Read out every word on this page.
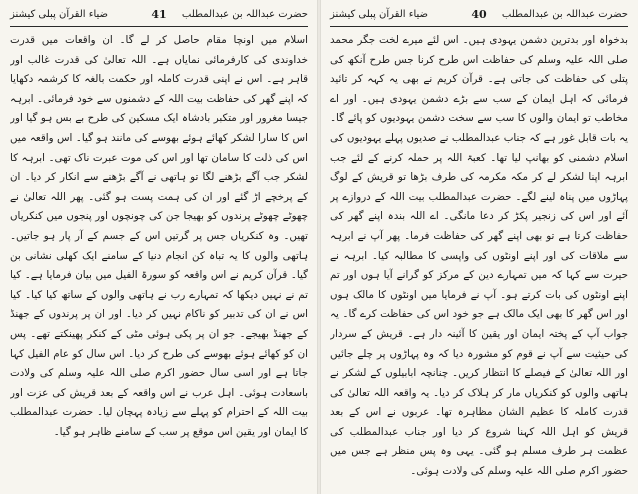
حضرت عبداللہ بن عبدالمطلب
41
ضیاء القرآن پبلی کیشنز

اسلام میں اونچا مقام حاصل کر لے گا۔ ان واقعات میں قدرت خداوندی کی کارفرمائی نمایاں ہے۔ اللہ تعالیٰ کی قدرت غالب اور قاہر ہے۔ اس نے اپنی قدرت کاملہ اور حکمت بالغہ کا کرشمہ دکھایا کہ اپنے گھر کی حفاظت بیت اللہ کے دشمنوں سے خود فرمائی۔ ابرہہ جیسا مغرور اور متکبر بادشاہ ایک مسکین کی طرح بے بس ہو گیا اور اس کا سارا لشکر کھائے ہوئے بھوسے کی مانند ہو گیا۔ اس واقعہ میں اس کی ذلت کا سامان تھا اور اس کی موت عبرت ناک تھی۔ ابرہہ کا لشکر جب آگے بڑھنے لگا تو ہاتھی نے آگے بڑھنے سے انکار کر دیا۔ ان کے پرخچے اڑ گئے اور ان کی ہمت پست ہو گئی۔ پھر اللہ تعالیٰ نے چھوٹے چھوٹے پرندوں کو بھیجا جن کی چونچوں اور پنجوں میں کنکریاں تھیں۔ وہ کنکریاں جس پر گرتیں اس کے جسم کے آر پار ہو جاتیں۔ ہاتھی والوں کا یہ تباہ کن انجام دنیا کے سامنے ایک کھلی نشانی بن گیا۔ قرآن کریم نے اس واقعہ کو سورۃ الفیل میں بیان فرمایا ہے۔ کیا تم نے نہیں دیکھا کہ تمہارے رب نے ہاتھی والوں کے ساتھ کیا کیا۔ کیا اس نے ان کی تدبیر کو ناکام نہیں کر دیا۔ اور ان پر پرندوں کے جھنڈ کے جھنڈ بھیجے۔ جو ان پر پکی ہوئی مٹی کے کنکر پھینکتے تھے۔ پس ان کو کھائے ہوئے بھوسے کی طرح کر دیا۔ اس سال کو عام الفیل کہا جاتا ہے اور اسی سال حضور اکرم صلی اللہ علیہ وسلم کی ولادت باسعادت ہوئی۔ اہل عرب نے اس واقعہ کے بعد قریش کی عزت اور بیت اللہ کے احترام کو پہلے سے زیادہ پہچان لیا۔ حضرت عبدالمطلب کا ایمان اور یقین اس موقع پر سب کے سامنے ظاہر ہو گیا۔

حضرت عبداللہ بن عبدالمطلب
40
ضیاء القرآن پبلی کیشنز

بدخواہ اور بدترین دشمن یہودی ہیں۔ اس لئے میرے لخت جگر محمد صلی اللہ علیہ وسلم کی حفاظت اس طرح کرنا جس طرح آنکھ کی پتلی کی حفاظت کی جاتی ہے۔ قرآن کریم نے بھی یہ کہہ کر تائید فرمائی کہ اہل ایمان کے سب سے بڑے دشمن یہودی ہیں۔ اور اے مخاطب تو ایمان والوں کا سب سے سخت دشمن یہودیوں کو پائے گا۔ یہ بات قابل غور ہے کہ جناب عبدالمطلب نے صدیوں پہلے یہودیوں کی اسلام دشمنی کو بھانپ لیا تھا۔ کعبۃ اللہ پر حملہ کرنے کے لئے جب ابرہہ اپنا لشکر لے کر مکہ مکرمہ کی طرف بڑھا تو قریش کے لوگ پہاڑوں میں پناہ لینے لگے۔ حضرت عبدالمطلب بیت اللہ کے دروازے پر آئے اور اس کی زنجیر پکڑ کر دعا مانگی۔ اے اللہ بندہ اپنے گھر کی حفاظت کرتا ہے تو بھی اپنے گھر کی حفاظت فرما۔ پھر آپ نے ابرہہ سے ملاقات کی اور اپنے اونٹوں کی واپسی کا مطالبہ کیا۔ ابرہہ نے حیرت سے کہا کہ میں تمہارے دین کے مرکز کو گرانے آیا ہوں اور تم اپنے اونٹوں کی بات کرتے ہو۔ آپ نے فرمایا میں اونٹوں کا مالک ہوں اور اس گھر کا بھی ایک مالک ہے جو خود اس کی حفاظت کرے گا۔ یہ جواب آپ کے پختہ ایمان اور یقین کا آئینہ دار ہے۔ قریش کے سردار کی حیثیت سے آپ نے قوم کو مشورہ دیا کہ وہ پہاڑوں پر چلے جائیں اور اللہ تعالیٰ کے فیصلے کا انتظار کریں۔ چنانچہ ابابیلوں کے لشکر نے ہاتھی والوں کو کنکریاں مار کر ہلاک کر دیا۔ یہ واقعہ اللہ تعالیٰ کی قدرت کاملہ کا عظیم الشان مظاہرہ تھا۔ عربوں نے اس کے بعد قریش کو اہل اللہ کہنا شروع کر دیا اور جناب عبدالمطلب کی عظمت ہر طرف مسلم ہو گئی۔ یہی وہ پس منظر ہے جس میں حضور اکرم صلی اللہ علیہ وسلم کی ولادت ہوئی۔
